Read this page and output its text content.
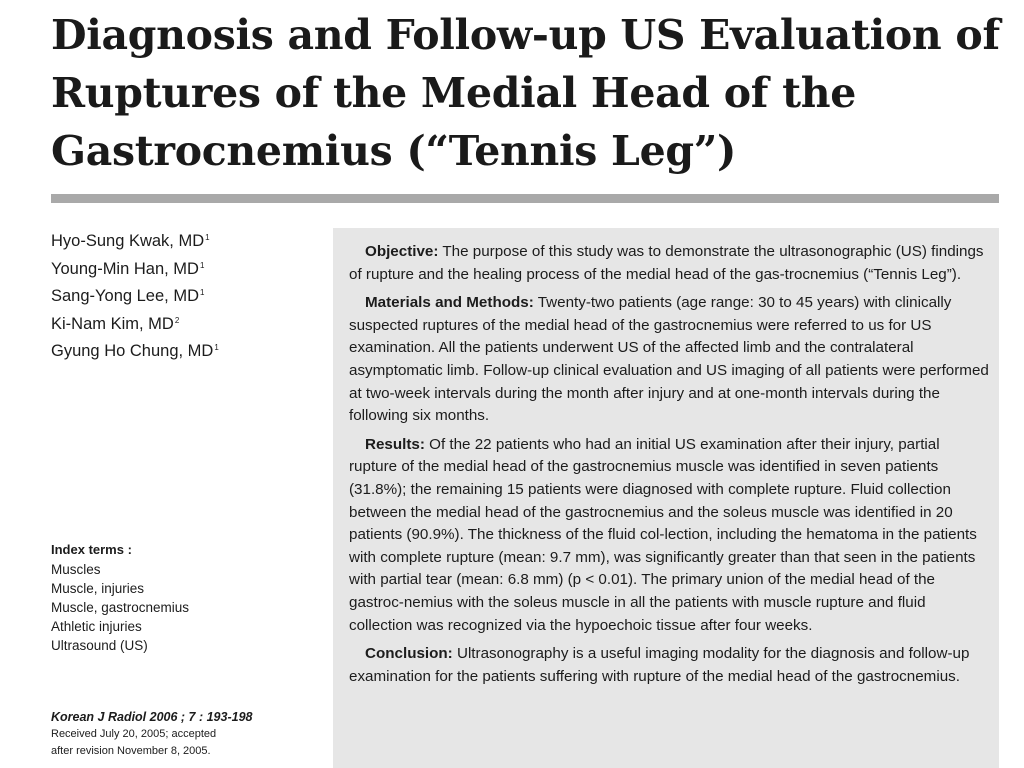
Diagnosis and Follow-up US Evaluation of
Ruptures of the Medial Head of the
Gastrocnemius (“Tennis Leg”)
Hyo-Sung Kwak, $MD^1$
Young-Min Han, $MD^1$
Sang-Yong Lee, $MD^1$
Ki-Nam Kim, $MD^2$
Gyung Ho Chung, $MD^1$
Index terms :
Muscles
Muscle, injuries
Muscle, gastrocnemius
Athletic injuries
Ultrasound (US)
Korean J Radiol 2006 ; 7 : 193-198
Received July 20, 2005; accepted
after revision November 8, 2005.

Objective: The purpose of this study was to demonstrate the ultrasonographic (US) findings of rupture and the healing process of the medial head of the gas-trocnemius (“Tennis Leg”).

Materials and Methods: Twenty-two patients (age range: 30 to 45 years) with clinically suspected ruptures of the medial head of the gastrocnemius were referred to us for US examination. All the patients underwent US of the affected limb and the contralateral asymptomatic limb. Follow-up clinical evaluation and US imaging of all patients were performed at two-week intervals during the month after injury and at one-month intervals during the following six months.

Results: Of the 22 patients who had an initial US examination after their injury, partial rupture of the medial head of the gastrocnemius muscle was identified in seven patients (31.8%); the remaining 15 patients were diagnosed with complete rupture. Fluid collection between the medial head of the gastrocnemius and the soleus muscle was identified in 20 patients (90.9%). The thickness of the fluid col-lection, including the hematoma in the patients with complete rupture (mean: 9.7 mm), was significantly greater than that seen in the patients with partial tear (mean: 6.8 mm) (p < 0.01). The primary union of the medial head of the gastroc-nemius with the soleus muscle in all the patients with muscle rupture and fluid collection was recognized via the hypoechoic tissue after four weeks.

Conclusion: Ultrasonography is a useful imaging modality for the diagnosis and follow-up examination for the patients suffering with rupture of the medial head of the gastrocnemius.
